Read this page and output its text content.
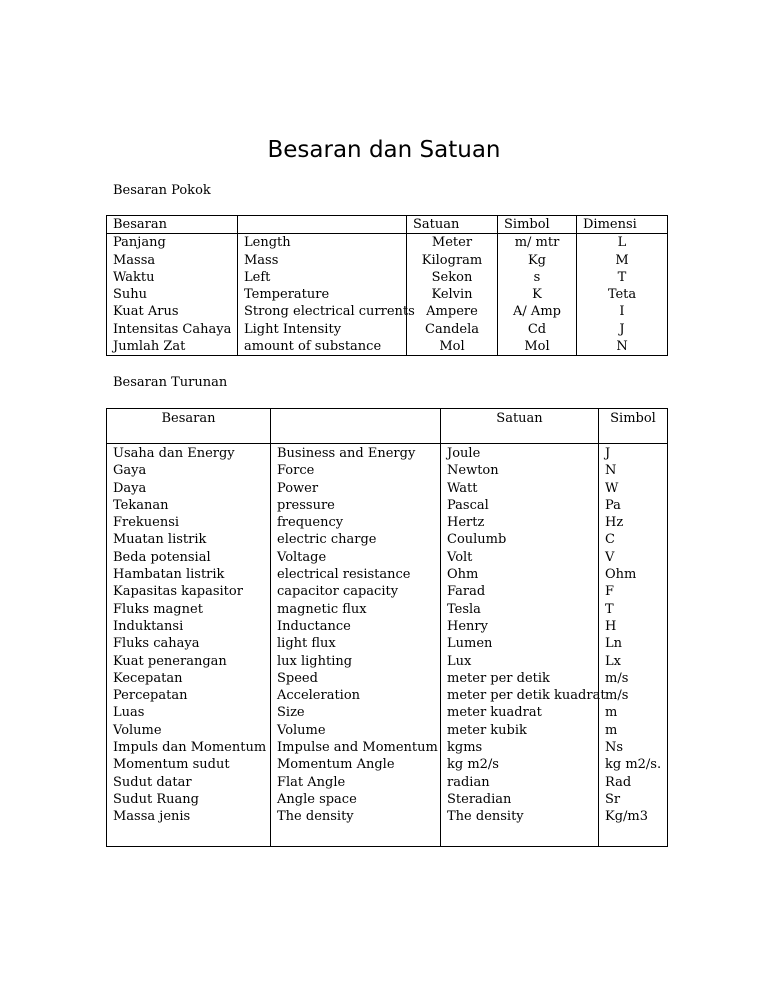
Besaran dan Satuan
Besaran Pokok
Besaran		Satuan	Simbol	Dimensi
Panjang	Length	Meter	m/ mtr	L
Massa	Mass	Kilogram	Kg	M
Waktu	Left	Sekon	s	T
Suhu	Temperature	Kelvin	K	Teta
Kuat Arus	Strong electrical currents	Ampere	A/ Amp	I
Intensitas Cahaya	Light Intensity	Candela	Cd	J
Jumlah Zat	amount of substance	Mol	Mol	N
Besaran Turunan
Besaran		Satuan	Simbol
Usaha dan Energy	Business and Energy	Joule	J
Gaya	Force	Newton	N
Daya	Power	Watt	W
Tekanan	pressure	Pascal	Pa
Frekuensi	frequency	Hertz	Hz
Muatan listrik	electric charge	Coulumb	C
Beda potensial	Voltage	Volt	V
Hambatan listrik	electrical resistance	Ohm	Ohm
Kapasitas kapasitor	capacitor capacity	Farad	F
Fluks magnet	magnetic flux	Tesla	T
Induktansi	Inductance	Henry	H
Fluks cahaya	light flux	Lumen	Ln
Kuat penerangan	lux lighting	Lux	Lx
Kecepatan	Speed	meter per detik	m/s
Percepatan	Acceleration	meter per detik kuadrat	m/s
Luas	Size	meter kuadrat	m
Volume	Volume	meter kubik	m
Impuls dan Momentum	Impulse and Momentum	kgms	Ns
Momentum sudut	Momentum Angle	kg m2/s	kg m2/s.
Sudut datar	Flat Angle	radian	Rad
Sudut Ruang	Angle space	Steradian	Sr
Massa jenis	The density	The density	Kg/m3
